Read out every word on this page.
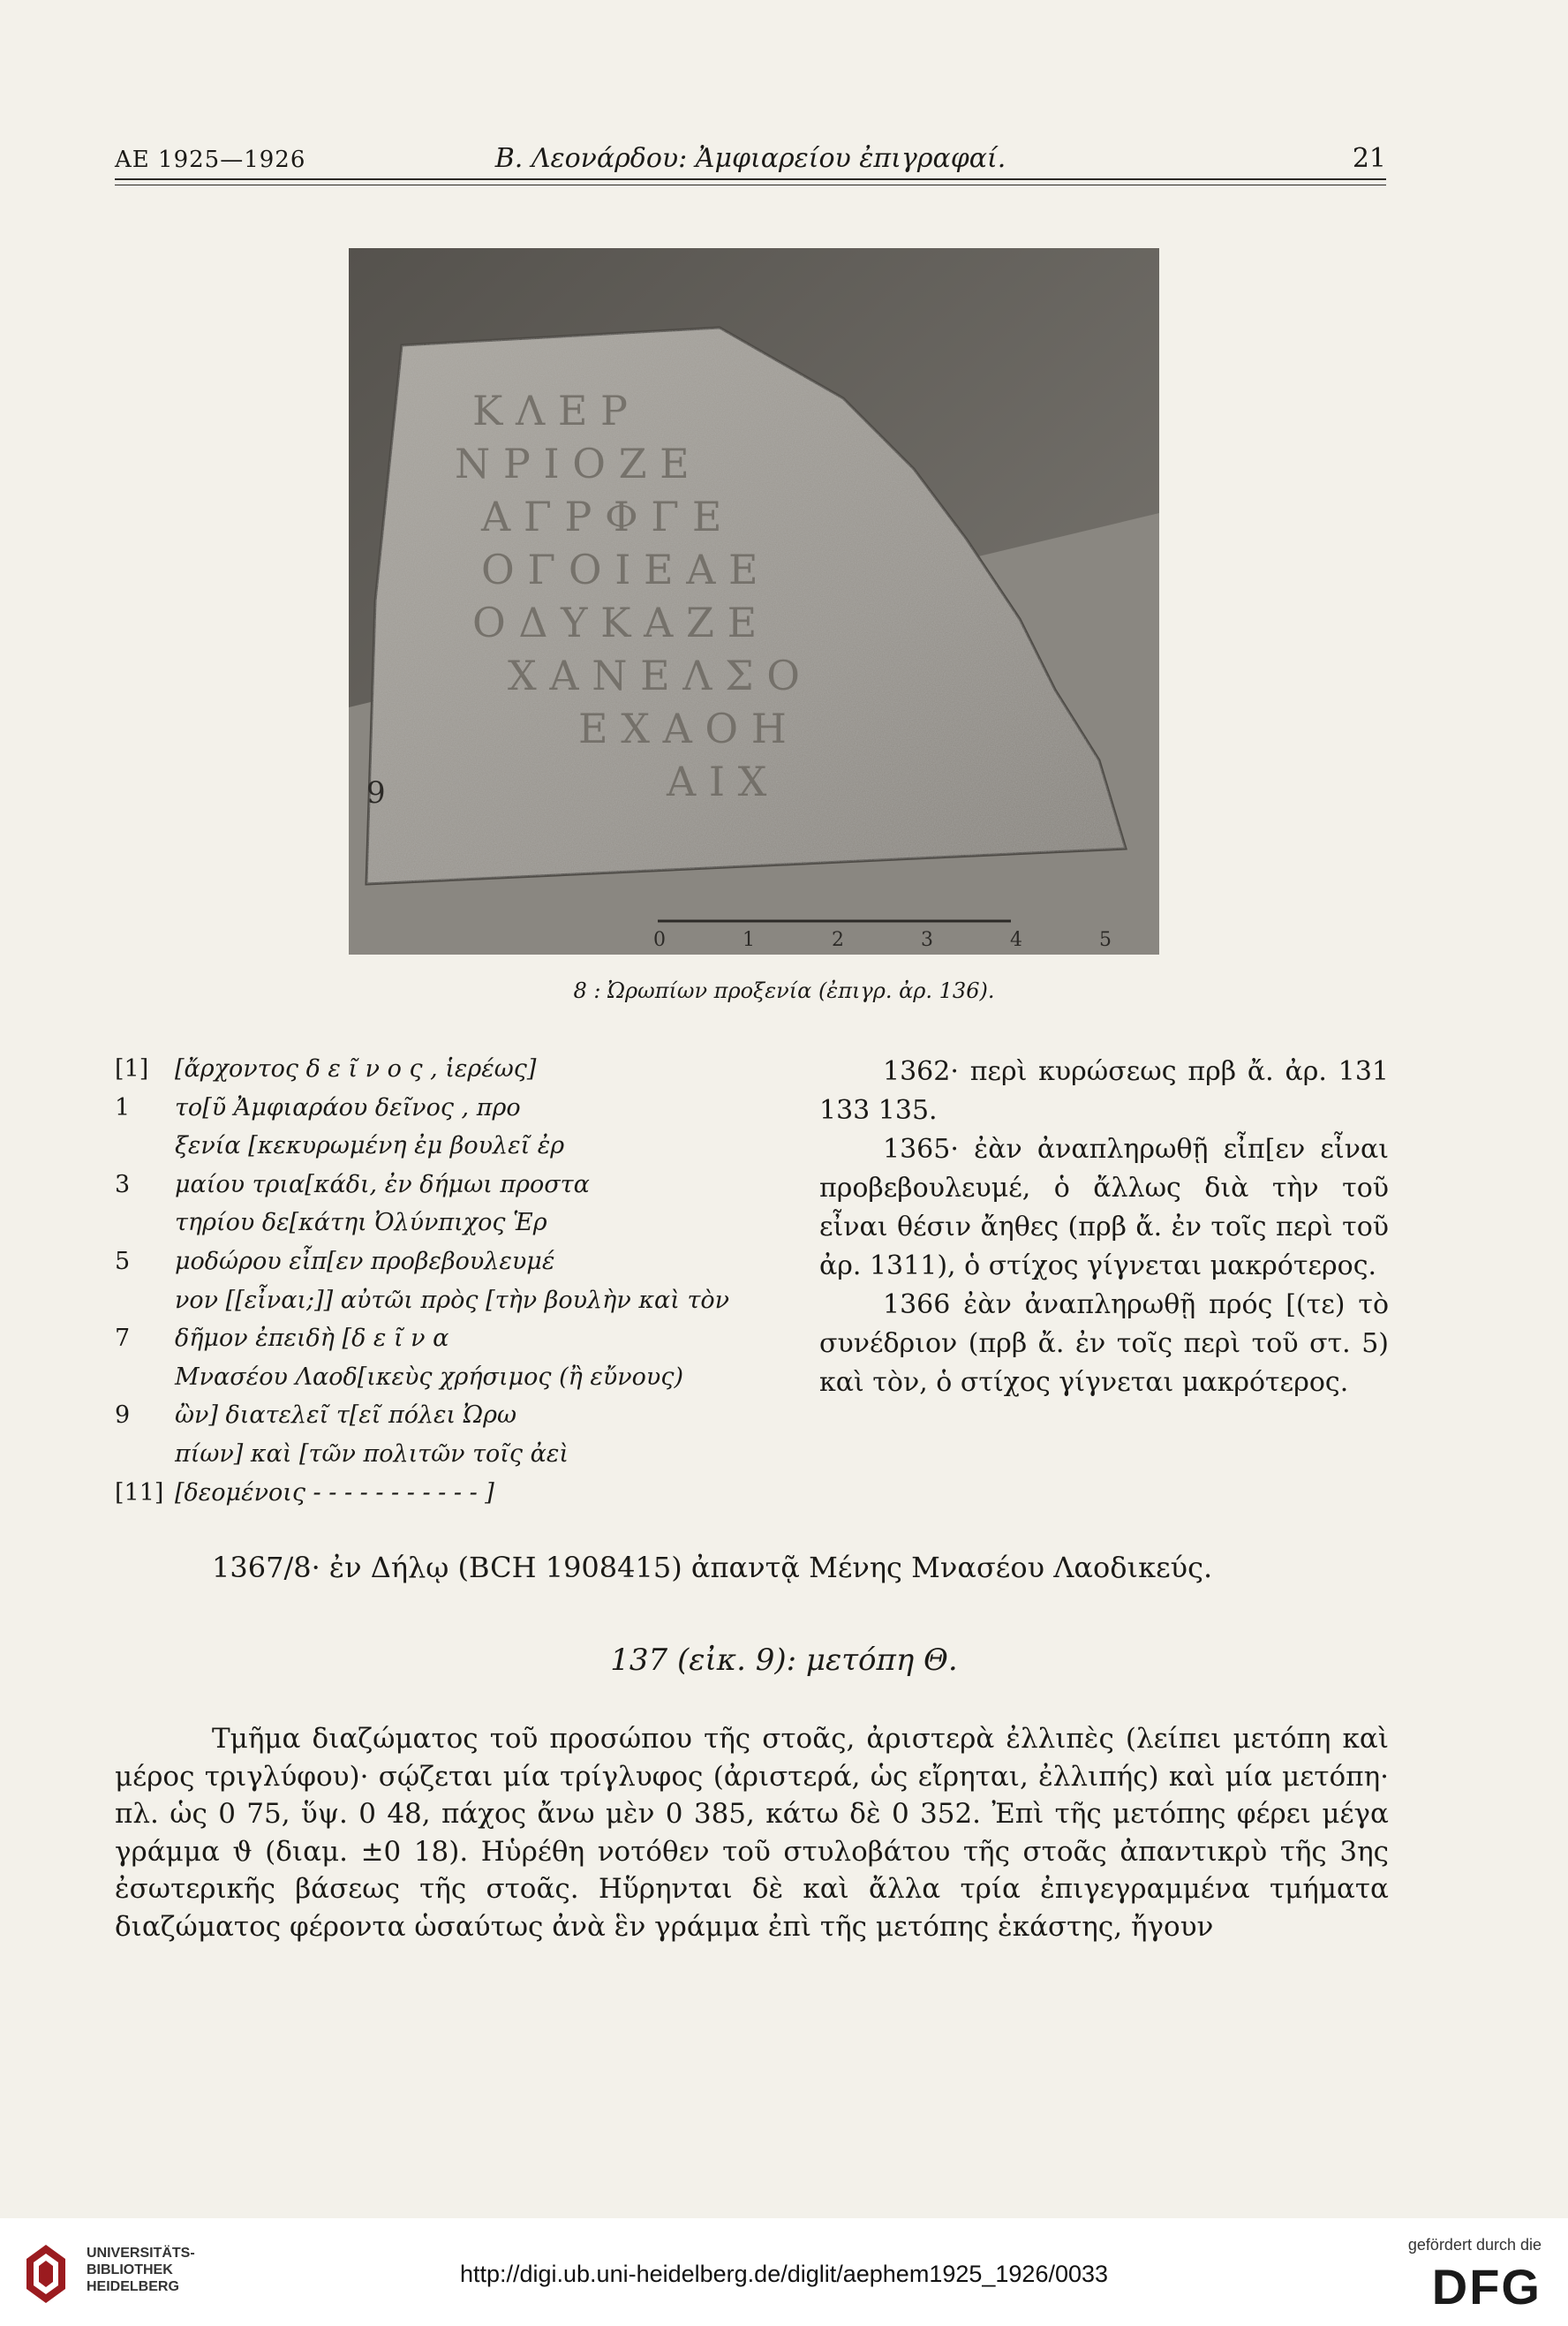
ΑΕ 1925—1926	Β. Λεονάρδου: Ἀμφιαρείου ἐπιγραφαί.	21
Κ Λ Ε Ρ
Ν Ρ Ι Ο Ζ Ε
Α Γ Ρ Φ Γ Ε
Ο Γ Ο Ι Ε Α Ε
Ο Δ Υ Κ Α Ζ Ε
Χ Α Ν Ε Λ Σ Ο
Ε Χ Α Ο Η
Α Ι Χ
9
0 1 2 3 4 5
8 : Ὠρωπίων προξενία (ἐπιγρ. ἀρ. 136).
[1]	[ἄρχοντος δ ε ῖ ν ο ς , ἱερέως]
1	το[ῦ Ἀμφιαράου δεῖνος , προ
ξενία [κεκυρωμένη ἐμ βουλεῖ ἐρ
3	μαίου τρια[κάδι, ἐν δήμωι προστα
τηρίου δε[κάτηι Ὀλύνπιχος Ἑρ
5	μοδώρου εἶπ[εν προβεβουλευμέ
νον [[εἶναι;]] αὐτῶι πρὸς [τὴν βουλὴν καὶ τὸν
7	δῆμον ἐπειδὴ [δ ε ῖ ν α
Μνασέου Λαοδ[ικεὺς χρήσιμος (ἢ εὔνους)
9	ὢν] διατελεῖ τ[εῖ πόλει Ὠρω
πίων] καὶ [τῶν πολιτῶν τοῖς ἀεὶ
[11] [δεομένοις - - - - - - - - - - - ]

1362· περὶ κυρώσεως πρβ ἄ. ἀρ. 131 133 135.

1365· ἐὰν ἀναπληρωθῇ εἶπ[εν εἶναι προβεβουλευμέ, ὁ ἄλλως διὰ τὴν τοῦ εἶναι θέσιν ἄηθες (πρβ ἄ. ἐν τοῖς περὶ τοῦ ἀρ. 1311), ὁ στίχος γίγνεται μακρότερος.

1366 ἐὰν ἀναπληρωθῇ πρός [(τε) τὸ συνέδριον (πρβ ἄ. ἐν τοῖς περὶ τοῦ στ. 5) καὶ τὸν, ὁ στίχος γίγνεται μακρότερος.

1367/8· ἐν Δήλῳ (BCH 1908415) ἀπαντᾷ Μένης Μνασέου Λαοδικεύς.
137 (εἰκ. 9): μετόπη Θ.

Τμῆμα διαζώματος τοῦ προσώπου τῆς στοᾶς, ἀριστερὰ ἐλλιπὲς (λείπει μετόπη καὶ μέρος τριγλύφου)· σῴζεται μία τρίγλυφος (ἀριστερά, ὡς εἴρηται, ἐλλιπής) καὶ μία μετόπη· πλ. ὡς 0 75, ὕψ. 0 48, πάχος ἄνω μὲν 0 385, κάτω δὲ 0 352. Ἐπὶ τῆς μετόπης φέρει μέγα γράμμα ϑ (διαμ. ±0 18). Ηὑρέθη νοτόθεν τοῦ στυλοβάτου τῆς στοᾶς ἀπαντικρὺ τῆς 3ης ἐσωτερικῆς βάσεως τῆς στοᾶς. Ηὕρηνται δὲ καὶ ἄλλα τρία ἐπιγεγραμμένα τμήματα διαζώματος φέροντα ὡσαύτως ἀνὰ ἓν γράμμα ἐπὶ τῆς μετόπης ἑκάστης, ἤγουν

UNIVERSITÄTS-
BIBLIOTHEK
HEIDELBERG	http://digi.ub.uni-heidelberg.de/diglit/aephem1925_1926/0033
gefördert durch die
DFG
